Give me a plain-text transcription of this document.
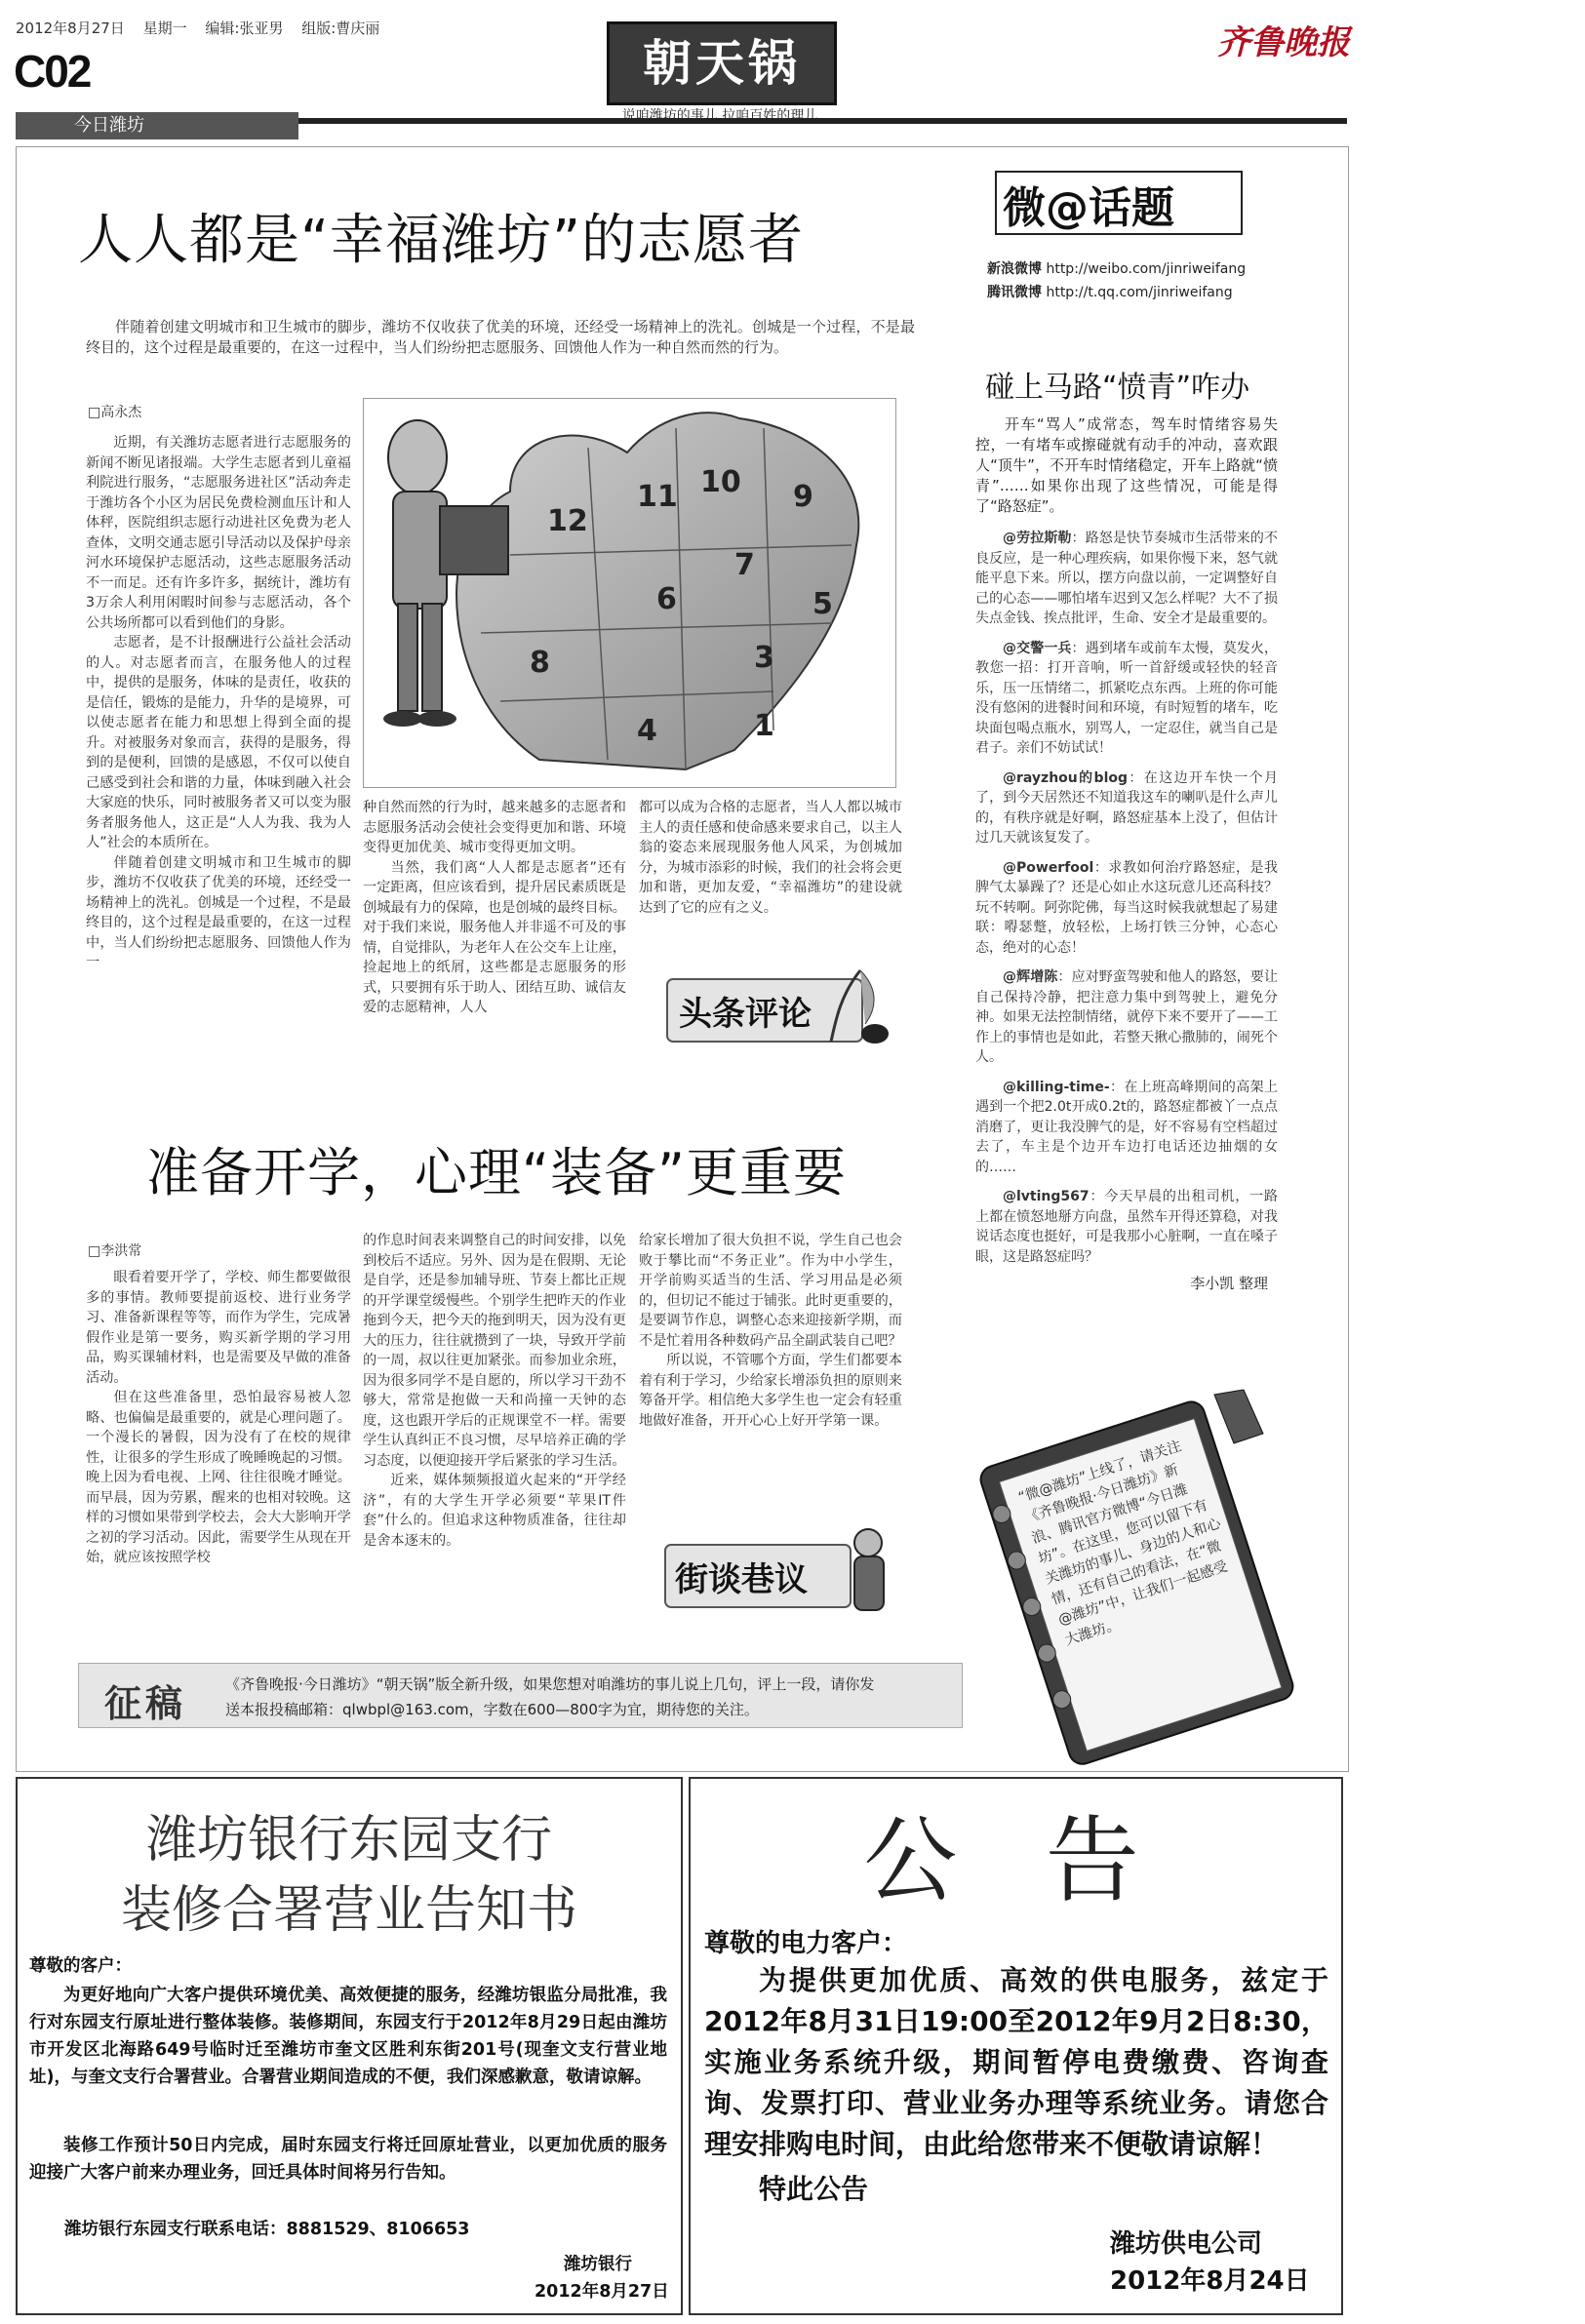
2012年8月27日 星期一 编辑:张亚男 组版:曹庆丽
C02
今日潍坊
朝天锅
说咱潍坊的事儿 拉咱百姓的理儿
齐鲁晚报
人人都是“幸福潍坊”的志愿者
伴随着创建文明城市和卫生城市的脚步，潍坊不仅收获了优美的环境，还经受一场精神上的洗礼。创城是一个过程，不是最终目的，这个过程是最重要的，在这一过程中，当人们纷纷把志愿服务、回馈他人作为一种自然而然的行为。
□高永杰
12
11 10 9
8
4	1
3
5
7
6

近期，有关潍坊志愿者进行志愿服务的新闻不断见诸报端。大学生志愿者到儿童福利院进行服务，“志愿服务进社区”活动奔走于潍坊各个小区为居民免费检测血压计和人体秤，医院组织志愿行动进社区免费为老人查体，文明交通志愿引导活动以及保护母亲河水环境保护志愿活动，这些志愿服务活动不一而足。还有许多许多，据统计，潍坊有3万余人利用闲暇时间参与志愿活动，各个公共场所都可以看到他们的身影。

志愿者，是不计报酬进行公益社会活动的人。对志愿者而言，在服务他人的过程中，提供的是服务，体味的是责任，收获的是信任，锻炼的是能力，升华的是境界，可以使志愿者在能力和思想上得到全面的提升。对被服务对象而言，获得的是服务，得到的是便利，回馈的是感恩，不仅可以使自己感受到社会和谐的力量，体味到融入社会大家庭的快乐，同时被服务者又可以变为服务者服务他人，这正是“人人为我、我为人人”社会的本质所在。

伴随着创建文明城市和卫生城市的脚步，潍坊不仅收获了优美的环境，还经受一场精神上的洗礼。创城是一个过程，不是最终目的，这个过程是最重要的，在这一过程中，当人们纷纷把志愿服务、回馈他人作为一

种自然而然的行为时，越来越多的志愿者和志愿服务活动会使社会变得更加和谐、环境变得更加优美、城市变得更加文明。

当然，我们离“人人都是志愿者”还有一定距离，但应该看到，提升居民素质既是创城最有力的保障，也是创城的最终目标。对于我们来说，服务他人并非遥不可及的事情，自觉排队，为老年人在公交车上让座，捡起地上的纸屑，这些都是志愿服务的形式，只要拥有乐于助人、团结互助、诚信友爱的志愿精神，人人

都可以成为合格的志愿者，当人人都以城市主人的责任感和使命感来要求自己，以主人翁的姿态来展现服务他人风采，为创城加分，为城市添彩的时候，我们的社会将会更加和谐，更加友爱，“幸福潍坊”的建设就达到了它的应有之义。

头条评论
准备开学，心理“装备”更重要
□李洪常

眼看着要开学了，学校、师生都要做很多的事情。教师要提前返校、进行业务学习、准备新课程等等，而作为学生，完成暑假作业是第一要务，购买新学期的学习用品，购买课辅材料，也是需要及早做的准备活动。

但在这些准备里，恐怕最容易被人忽略、也偏偏是最重要的，就是心理问题了。一个漫长的暑假，因为没有了在校的规律性，让很多的学生形成了晚睡晚起的习惯。晚上因为看电视、上网、往往很晚才睡觉。而早晨，因为劳累，醒来的也相对较晚。这样的习惯如果带到学校去，会大大影响开学之初的学习活动。因此，需要学生从现在开始，就应该按照学校

的作息时间表来调整自己的时间安排，以免到校后不适应。另外、因为是在假期、无论是自学，还是参加辅导班、节奏上都比正规的开学课堂缓慢些。个别学生把昨天的作业拖到今天，把今天的拖到明天，因为没有更大的压力，往往就攒到了一块，导致开学前的一周，叔以往更加紧张。而参加业余班，因为很多同学不是自愿的，所以学习干劲不够大，常常是抱做一天和尚撞一天钟的态度，这也跟开学后的正规课堂不一样。需要学生认真纠正不良习惯，尽早培养正确的学习态度，以便迎接开学后紧张的学习生活。

近来，媒体频频报道火起来的“开学经济”，有的大学生开学必须要“苹果IT件套”什么的。但追求这种物质准备，往往却是舍本逐末的。

给家长增加了很大负担不说，学生自己也会败于攀比而“不务正业”。作为中小学生，开学前购买适当的生活、学习用品是必须的，但切记不能过于铺张。此时更重要的，是要调节作息，调整心态来迎接新学期，而不是忙着用各种数码产品全副武装自己吧？

所以说，不管哪个方面，学生们都要本着有利于学习，少给家长增添负担的原则来筹备开学。相信绝大多学生也一定会有轻重地做好准备，开开心心上好开学第一课。

街谈巷议
微@话题
新浪微博 http://weibo.com/jinriweifang
腾讯微博 http://t.qq.com/jinriweifang
碰上马路“愤青”咋办
开车“骂人”成常态，驾车时情绪容易失控，一有堵车或擦碰就有动手的冲动，喜欢跟人“顶牛”，不开车时情绪稳定，开车上路就“愤青”……如果你出现了这些情况，可能是得了“路怒症”。
@劳拉斯勒：路怒是快节奏城市生活带来的不良反应，是一种心理疾病，如果你慢下来，怒气就能平息下来。所以，摆方向盘以前，一定调整好自己的心态——哪怕堵车迟到又怎么样呢？大不了损失点金钱、挨点批评，生命、安全才是最重要的。
@交警一兵：遇到堵车或前车太慢，莫发火，教您一招：打开音响，听一首舒缓或轻快的轻音乐，压一压情绪二，抓紧吃点东西。上班的你可能没有悠闲的进餐时间和环境，有时短暂的堵车，吃块面包喝点瓶水，别骂人，一定忍住，就当自己是君子。亲们不妨试试！
@rayzhou的blog：在这边开车快一个月了，到今天居然还不知道我这车的喇叭是什么声儿的，有秩序就是好啊，路怒症基本上没了，但估计过几天就该复发了。
@Powerfool：求教如何治疗路怒症，是我脾气太暴躁了？还是心如止水这玩意儿还高科技？玩不转啊。阿弥陀佛，每当这时候我就想起了易建联：嘚瑟蹩，放轻松，上场打铁三分钟，心态心态，绝对的心态！
@辉增陈：应对野蛮驾驶和他人的路怒，要让自己保持冷静，把注意力集中到驾驶上，避免分神。如果无法控制情绪，就停下来不要开了——工作上的事情也是如此，若整天揪心撒肺的，闹死个人。
@killing-time-：在上班高峰期间的高架上遇到一个把2.0t开成0.2t的，路怒症都被丫一点点消磨了，更让我没脾气的是，好不容易有空档超过去了，车主是个边开车边打电话还边抽烟的女的……
@lvting567：今天早晨的出租司机，一路上都在愤怒地掰方向盘，虽然车开得还算稳，对我说话态度也挺好，可是我那小心脏啊，一直在嗓子眼，这是路怒症吗？
李小凯 整理
“微@潍坊”上线了，请关注《齐鲁晚报·今日潍坊》新浪、腾讯官方微博“今日潍坊”。在这里，您可以留下有关潍坊的事儿、身边的人和心情，还有自己的看法，在“微@潍坊”中，让我们一起感受大潍坊。
征稿	《齐鲁晚报·今日潍坊》“朝天锅”版全新升级，如果您想对咱潍坊的事儿说上几句，评上一段，请你发
送本报投稿邮箱：qlwbpl@163.com，字数在600—800字为宜，期待您的关注。
潍坊银行东园支行
装修合署营业告知书
尊敬的客户：
为更好地向广大客户提供环境优美、高效便捷的服务，经潍坊银监分局批准，我行对东园支行原址进行整体装修。装修期间，东园支行于2012年8月29日起由潍坊市开发区北海路649号临时迁至潍坊市奎文区胜利东街201号(现奎文支行营业地址)，与奎文支行合署营业。合署营业期间造成的不便，我们深感歉意，敬请谅解。
装修工作预计50日内完成，届时东园支行将迁回原址营业，以更加优质的服务迎接广大客户前来办理业务，回迁具体时间将另行告知。
潍坊银行东园支行联系电话：8881529、8106653
潍坊银行
2012年8月27日
公 告
尊敬的电力客户：
为提供更加优质、高效的供电服务，兹定于2012年8月31日19:00至2012年9月2日8:30，实施业务系统升级，期间暂停电费缴费、咨询查询、发票打印、营业业务办理等系统业务。请您合理安排购电时间，由此给您带来不便敬请谅解！
特此公告
潍坊供电公司
2012年8月24日
